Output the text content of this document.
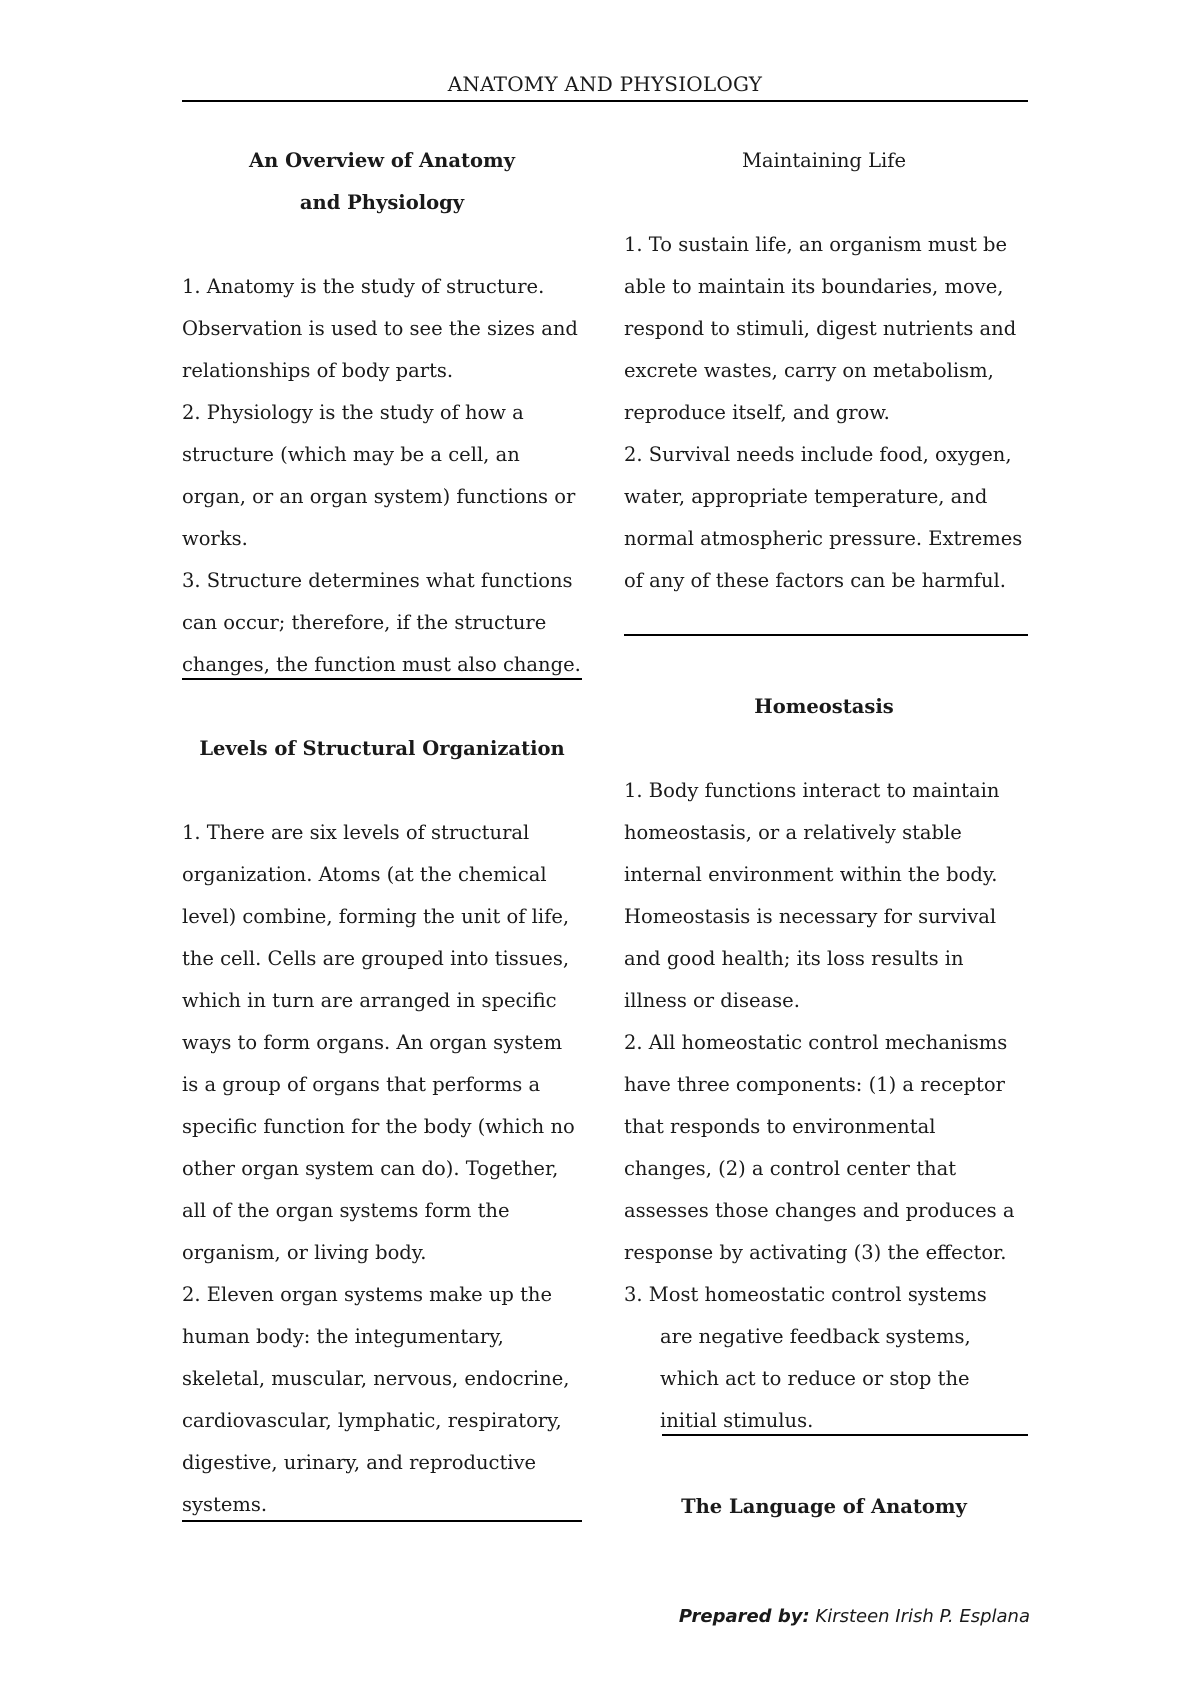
ANATOMY AND PHYSIOLOGY

An Overview of Anatomy

and Physiology

1. Anatomy is the study of structure. Observation is used to see the sizes and relationships of body parts.

2. Physiology is the study of how a structure (which may be a cell, an organ, or an organ system) functions or works.

3. Structure determines what functions can occur; therefore, if the structure changes, the function must also change.

Levels of Structural Organization

1. There are six levels of structural organization. Atoms (at the chemical level) combine, forming the unit of life, the cell. Cells are grouped into tissues, which in turn are arranged in specific ways to form organs. An organ system is a group of organs that performs a specific function for the body (which no other organ system can do). Together, all of the organ systems form the organism, or living body.

2. Eleven organ systems make up the human body: the integumentary, skeletal, muscular, nervous, endocrine, cardiovascular, lymphatic, respiratory, digestive, urinary, and reproductive systems.

Maintaining Life

1. To sustain life, an organism must be able to maintain its boundaries, move, respond to stimuli, digest nutrients and excrete wastes, carry on metabolism, reproduce itself, and grow.

2. Survival needs include food, oxygen, water, appropriate temperature, and normal atmospheric pressure. Extremes of any of these factors can be harmful.

Homeostasis

1. Body functions interact to maintain homeostasis, or a relatively stable internal environment within the body. Homeostasis is necessary for survival and good health; its loss results in illness or disease.

2. All homeostatic control mechanisms have three components: (1) a receptor that responds to environmental changes, (2) a control center that assesses those changes and produces a response by activating (3) the effector.

3. Most homeostatic control systems are negative feedback systems, which act to reduce or stop the initial stimulus.

The Language of Anatomy

Prepared by: Kirsteen Irish P. Esplana
